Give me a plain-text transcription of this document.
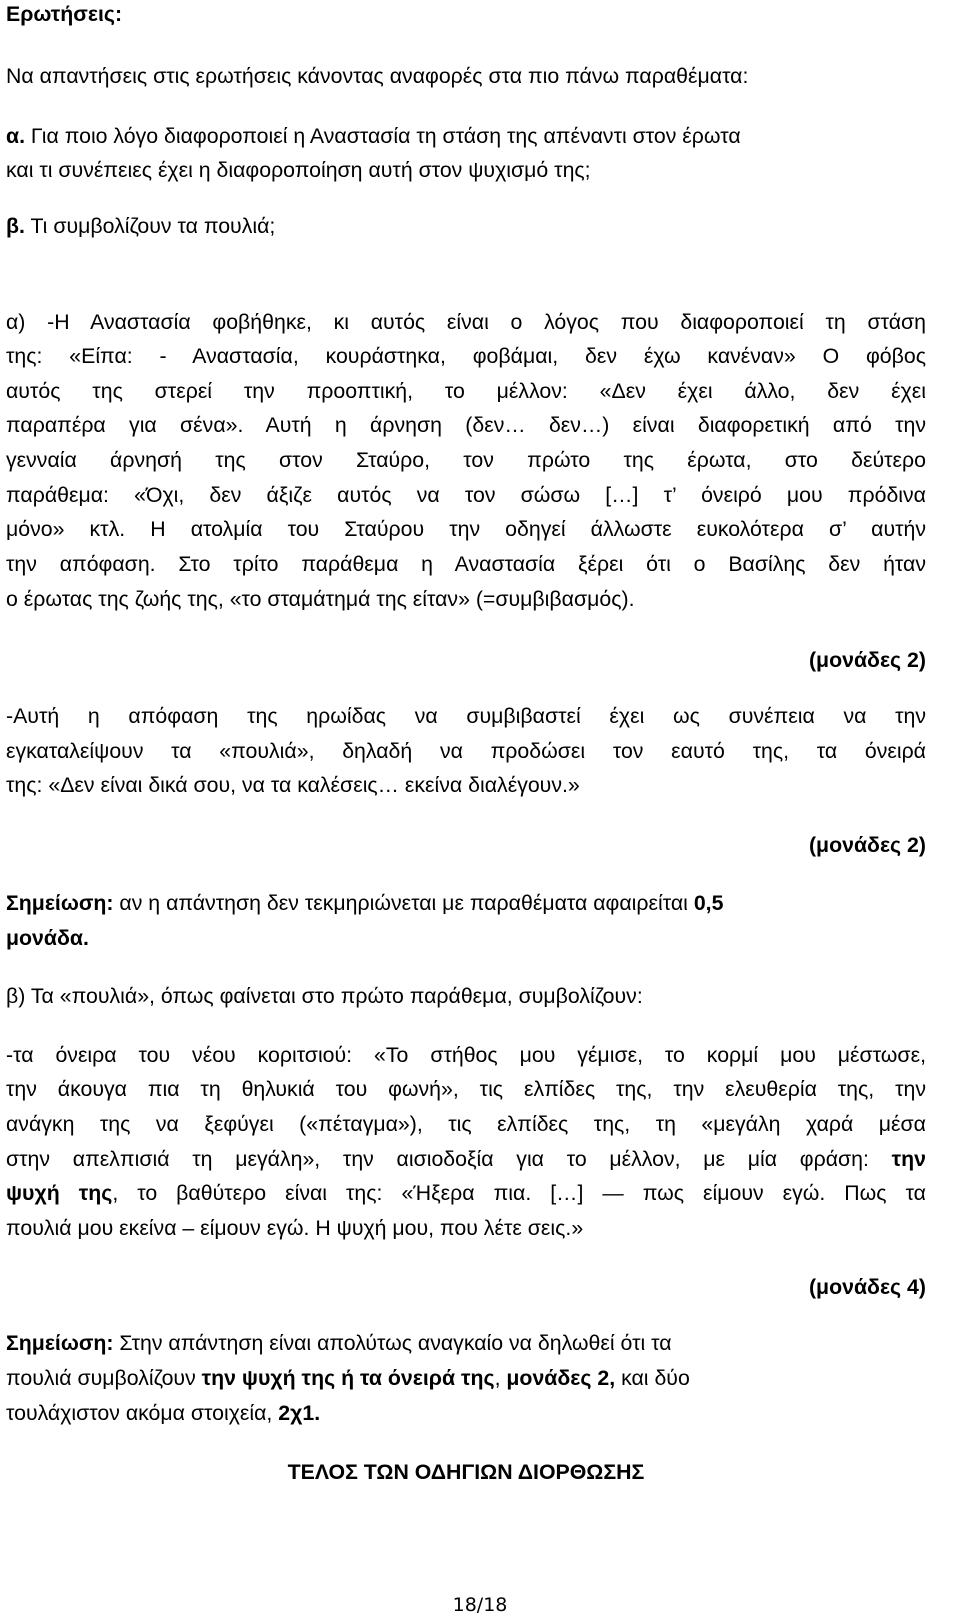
Ερωτήσεις:
Να απαντήσεις στις ερωτήσεις κάνοντας αναφορές στα πιο πάνω παραθέματα:
α. Για ποιο λόγο διαφοροποιεί η Αναστασία τη στάση της απέναντι στον έρωτα
και τι συνέπειες έχει η διαφοροποίηση αυτή στον ψυχισμό της;
β. Τι συμβολίζουν τα πουλιά;
α) -Η Αναστασία φοβήθηκε, κι αυτός είναι ο λόγος που διαφοροποιεί τη στάση
της: «Είπα: - Αναστασία, κουράστηκα, φοβάμαι, δεν έχω κανέναν» Ο φόβος
αυτός της στερεί την προοπτική, το μέλλον: «Δεν έχει άλλο, δεν έχει
παραπέρα για σένα». Αυτή η άρνηση (δεν… δεν…) είναι διαφορετική από την
γενναία άρνησή της στον Σταύρο, τον πρώτο της έρωτα, στο δεύτερο
παράθεμα: «Όχι, δεν άξιζε αυτός να τον σώσω […] τ’ όνειρό μου πρόδινα
μόνο» κτλ. Η ατολμία του Σταύρου την οδηγεί άλλωστε ευκολότερα σ’ αυτήν
την απόφαση. Στο τρίτο παράθεμα η Αναστασία ξέρει ότι ο Βασίλης δεν ήταν
ο έρωτας της ζωής της, «το σταμάτημά της είταν» (=συμβιβασμός).
(μονάδες 2)
-Αυτή η απόφαση της ηρωίδας να συμβιβαστεί έχει ως συνέπεια να την
εγκαταλείψουν τα «πουλιά», δηλαδή να προδώσει τον εαυτό της, τα όνειρά
της: «Δεν είναι δικά σου, να τα καλέσεις… εκείνα διαλέγουν.»
(μονάδες 2)
Σημείωση: αν η απάντηση δεν τεκμηριώνεται με παραθέματα αφαιρείται 0,5
μονάδα.
β) Τα «πουλιά», όπως φαίνεται στο πρώτο παράθεμα, συμβολίζουν:
-τα όνειρα του νέου κοριτσιού: «Το στήθος μου γέμισε, το κορμί μου μέστωσε,
την άκουγα πια τη θηλυκιά του φωνή», τις ελπίδες της, την ελευθερία της, την
ανάγκη της να ξεφύγει («πέταγμα»), τις ελπίδες της, τη «μεγάλη χαρά μέσα
στην απελπισιά τη μεγάλη», την αισιοδοξία για το μέλλον, με μία φράση: την
ψυχή της, το βαθύτερο είναι της: «Ήξερα πια. […] — πως είμουν εγώ. Πως τα
πουλιά μου εκείνα – είμουν εγώ. Η ψυχή μου, που λέτε σεις.»
(μονάδες 4)
Σημείωση: Στην απάντηση είναι απολύτως αναγκαίο να δηλωθεί ότι τα
πουλιά συμβολίζουν την ψυχή της ή τα όνειρά της, μονάδες 2, και δύο
τουλάχιστον ακόμα στοιχεία, 2χ1.
ΤΕΛΟΣ ΤΩΝ ΟΔΗΓΙΩΝ ΔΙΟΡΘΩΣΗΣ
18/18
